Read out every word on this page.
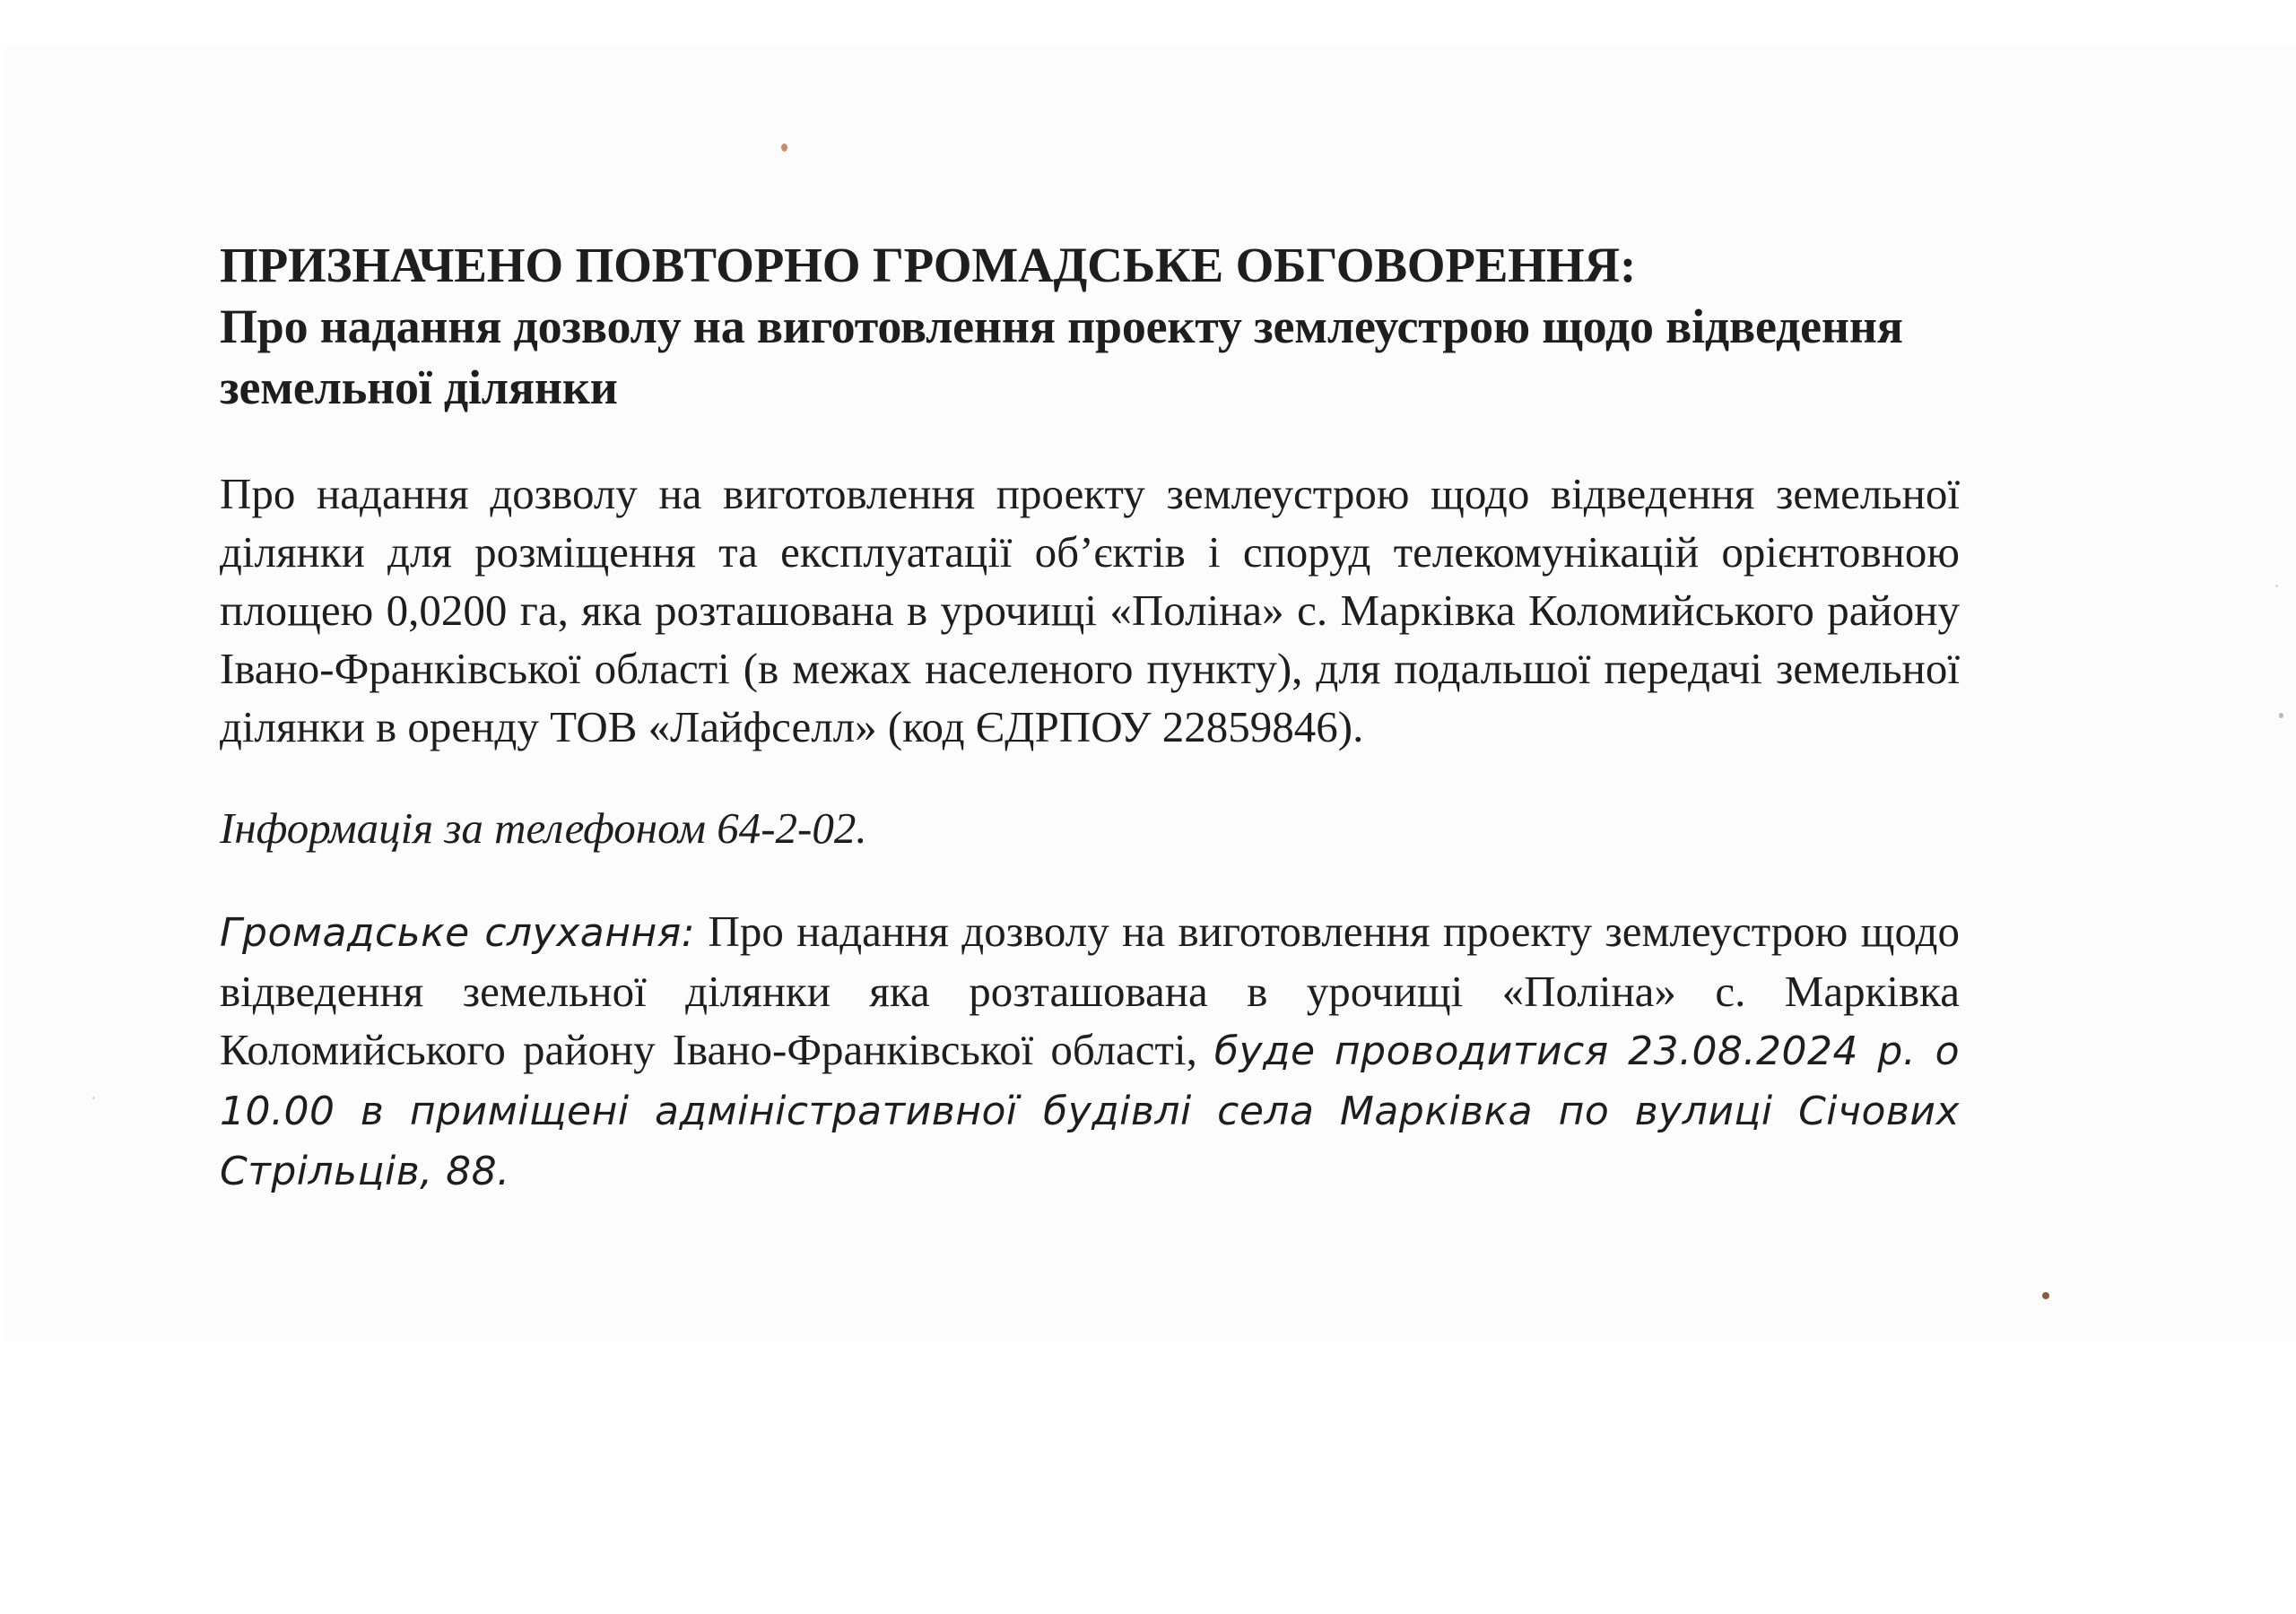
ПРИЗНАЧЕНО ПОВТОРНО ГРОМАДСЬКЕ ОБГОВОРЕННЯ:
Про надання дозволу на виготовлення проекту землеустрою щодо відведення земельної ділянки

Про надання дозволу на виготовлення проекту землеустрою щодо відведення земельної ділянки для розміщення та експлуатації об’єктів і споруд телекомунікацій орієнтовною площею 0,0200 га, яка розташована в урочищі «Поліна» с. Марківка Коломийського району Івано-Франківської області (в межах населеного пункту), для подальшої передачі земельної ділянки в оренду ТОВ «Лайфселл» (код ЄДРПОУ 22859846).

Інформація за телефоном 64-2-02.

Громадське слухання: Про надання дозволу на виготовлення проекту землеустрою щодо відведення земельної ділянки яка розташована в урочищі «Поліна» с. Марківка Коломийського району Івано-Франківської області, буде проводитися 23.08.2024 р. о 10.00 в приміщені адміністративної будівлі села Марківка по вулиці Січових Стрільців, 88.
